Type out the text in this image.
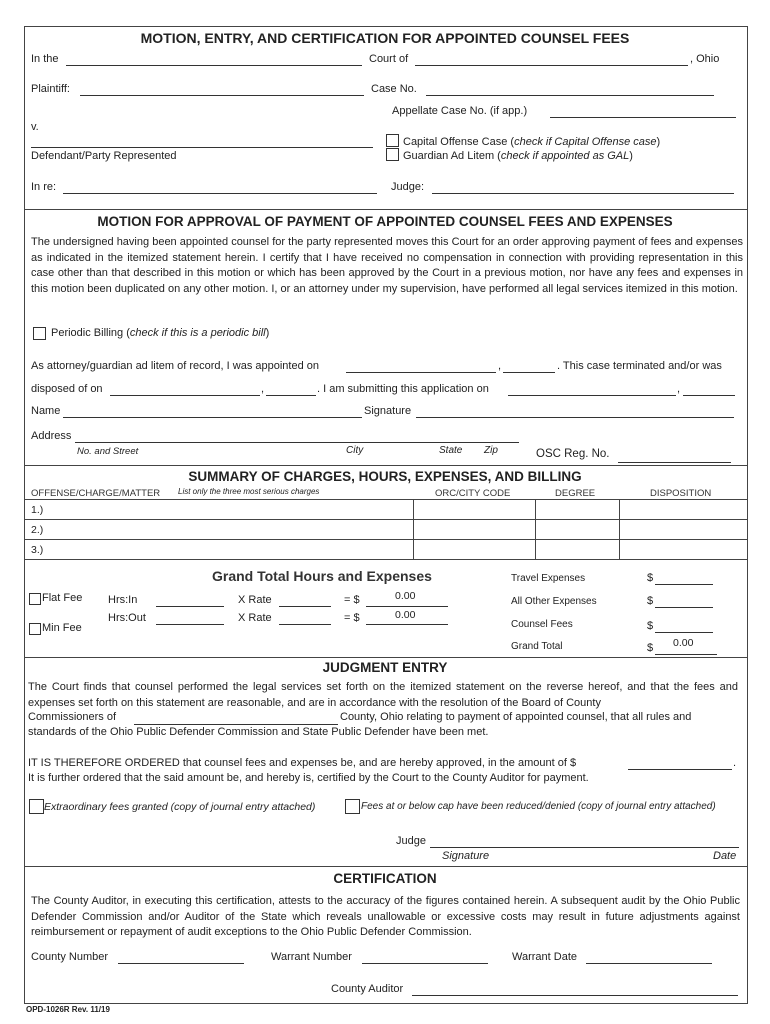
MOTION, ENTRY, AND CERTIFICATION FOR APPOINTED COUNSEL FEES
In the	Court of	, Ohio
Plaintiff:	Case No.
Appellate Case No. (if app.)
v.
Defendant/Party Represented
Capital Offense Case (check if Capital Offense case)
Guardian Ad Litem (check if appointed as GAL)
In re:	Judge:
MOTION FOR APPROVAL OF PAYMENT OF APPOINTED COUNSEL FEES AND EXPENSES
The undersigned having been appointed counsel for the party represented moves this Court for an order approving payment of fees and expenses as indicated in the itemized statement herein. I certify that I have received no compensation in connection with providing representation in this case other than that described in this motion or which has been approved by the Court in a previous motion, nor have any fees and expenses in this motion been duplicated on any other motion. I, or an attorney under my supervision, have performed all legal services itemized in this motion.
Periodic Billing (check if this is a periodic bill)
As attorney/guardian ad litem of record, I was appointed on	,	. This case terminated and/or was
disposed of on	,	. I am submitting this application on	,
Name	Signature
Address
No. and Street	City	State Zip	OSC Reg. No.
SUMMARY OF CHARGES, HOURS, EXPENSES, AND BILLING
OFFENSE/CHARGE/MATTER List only the three most serious charges	ORC/CITY CODE	DEGREE	DISPOSITION
1.)
2.)
3.)
Grand Total Hours and Expenses
Flat Fee
Min Fee
Hrs:In	X Rate	= $	0.00
Hrs:Out	X Rate	= $	0.00
Travel Expenses	$
All Other Expenses	$
Counsel Fees	$
Grand Total	$ 0.00
JUDGMENT ENTRY
The Court finds that counsel performed the legal services set forth on the itemized statement on the reverse hereof, and that the fees and expenses set forth on this statement are reasonable, and are in accordance with the resolution of the Board of County
Commissioners of	County, Ohio relating to payment of appointed counsel, that all rules and
standards of the Ohio Public Defender Commission and State Public Defender have been met.
IT IS THEREFORE ORDERED that counsel fees and expenses be, and are hereby approved, in the amount of $	.
It is further ordered that the said amount be, and hereby is, certified by the Court to the County Auditor for payment.
Extraordinary fees granted (copy of journal entry attached)	Fees at or below cap have been reduced/denied (copy of journal entry attached)
Judge
Signature	Date
CERTIFICATION
The County Auditor, in executing this certification, attests to the accuracy of the figures contained herein. A subsequent audit by the Ohio Public Defender Commission and/or Auditor of the State which reveals unallowable or excessive costs may result in future adjustments against reimbursement or repayment of audit exceptions to the Ohio Public Defender Commission.
County Number	Warrant Number	Warrant Date
County Auditor
OPD-1026R Rev. 11/19
